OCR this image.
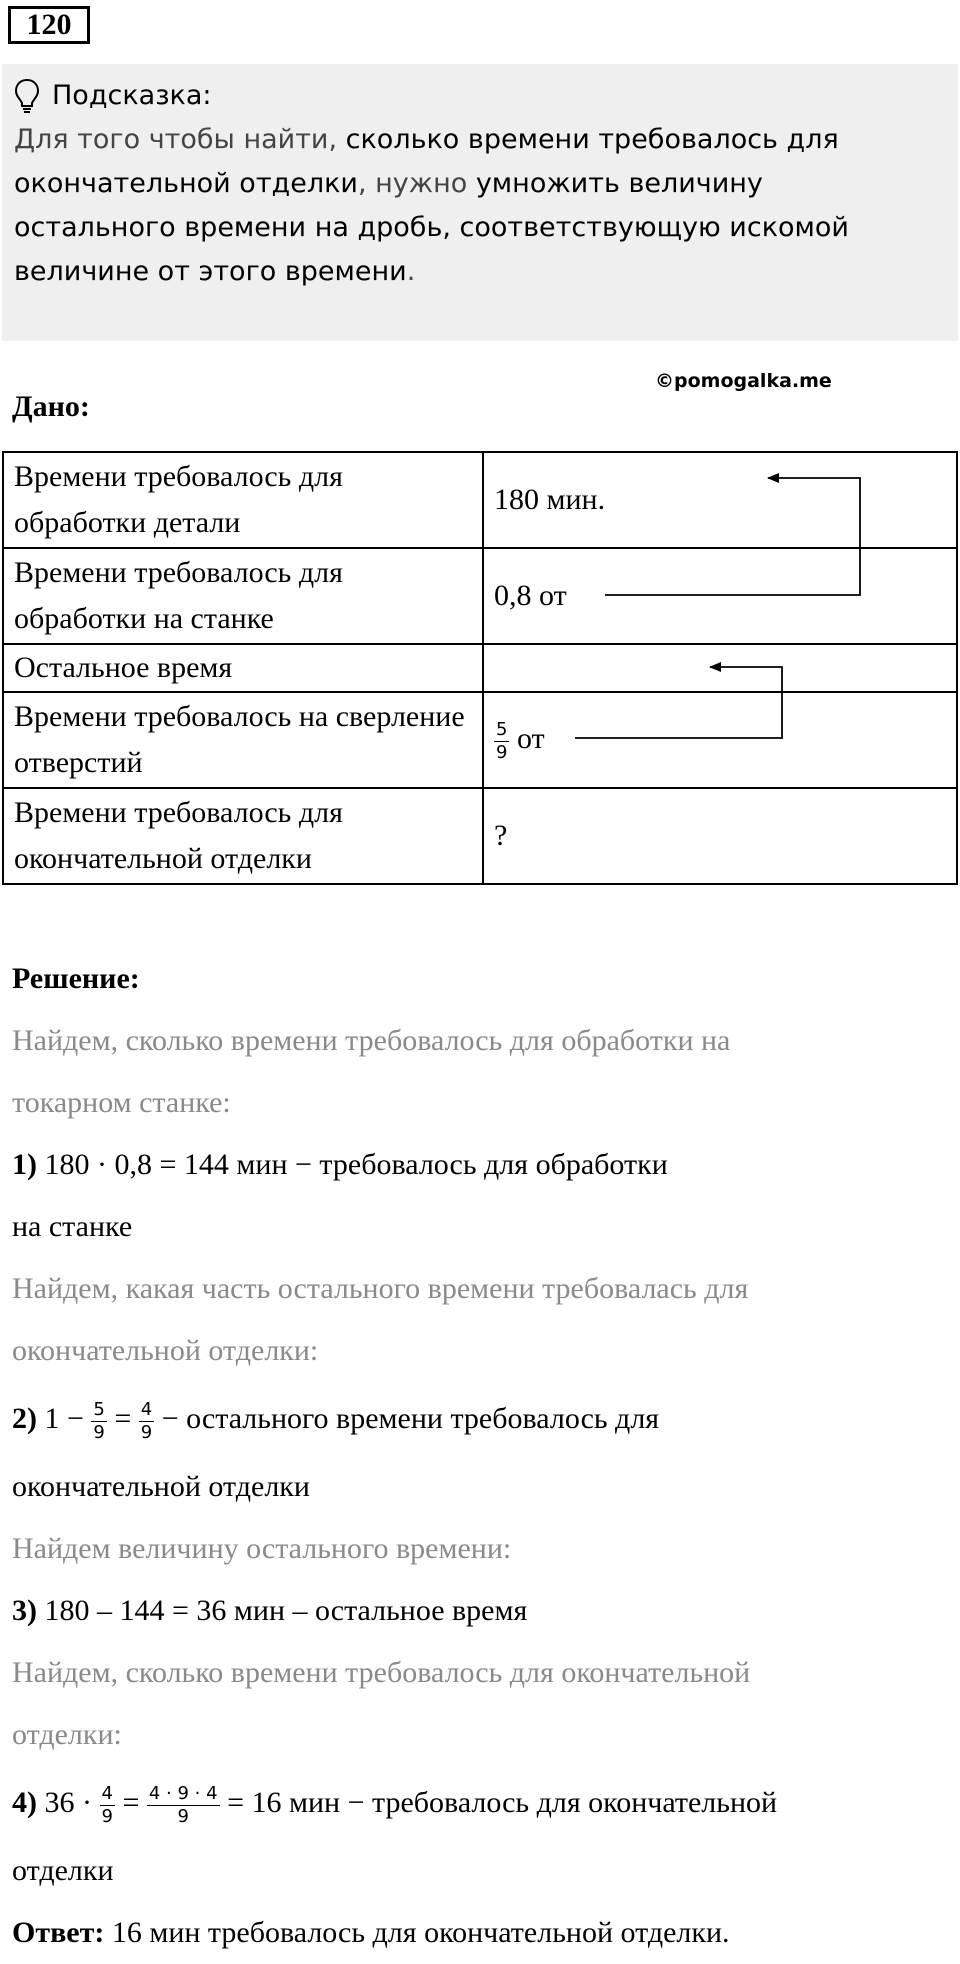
120
Подсказка:
Для того чтобы найти, сколько времени требовалось для окончательной отделки, нужно умножить величину остального времени на дробь, соответствующую искомой величине от этого времени.
©pomogalka.me
Дано:
Времени требовалось для обработки детали	180 мин.
Времени требовалось для обработки на станке	0,8 от
Остальное время	
Времени требовалось на сверление отверстий	$\frac{5}{9}$ от
Времени требовалось для окончательной отделки	?
Решение:
Найдем, сколько времени требовалось для обработки на
токарном станке:
1) 180 · 0,8 = 144 мин − требовалось для обработки
на станке
Найдем, какая часть остального времени требовалась для
окончательной отделки:
2) $1 - \frac{5}{9} = \frac{4}{9}$ − остального времени требовалось для
окончательной отделки
Найдем величину остального времени:
3) 180 – 144 = 36 мин – остальное время
Найдем, сколько времени требовалось для окончательной
отделки:
4) $36 \cdot \frac{4}{9} = \frac{4 \cdot 9 \cdot 4}{9} = 16$ мин − требовалось для окончательной
отделки
Ответ: 16 мин требовалось для окончательной отделки.
